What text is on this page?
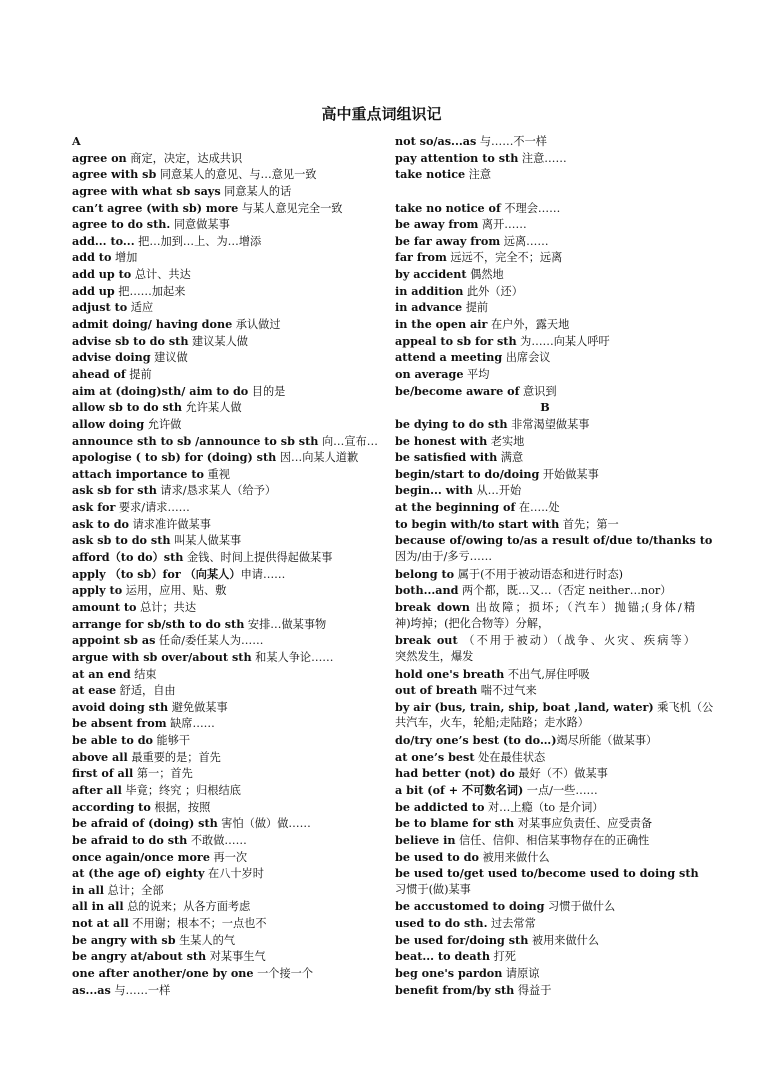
高中重点词组识记
A
agree on 商定，决定，达成共识
agree with sb 同意某人的意见、与…意见一致
agree with what sb says 同意某人的话
can’t agree (with sb) more 与某人意见完全一致
agree to do sth. 同意做某事
add... to... 把…加到…上、为…增添
add to 增加
add up to 总计、共达
add up 把……加起来
adjust to 适应
admit doing/ having done 承认做过
advise sb to do sth 建议某人做
advise doing 建议做
ahead of 提前
aim at (doing)sth/ aim to do 目的是
allow sb to do sth 允许某人做
allow doing 允许做
announce sth to sb /announce to sb sth 向…宣布…
apologise ( to sb) for (doing) sth 因…向某人道歉
attach importance to 重视
ask sb for sth 请求/恳求某人（给予）
ask for 要求/请求……
ask to do 请求准许做某事
ask sb to do sth 叫某人做某事
afford（to do）sth 金钱、时间上提供得起做某事
apply （to sb）for （向某人）申请……
apply to 运用，应用、贴、敷
amount to 总计；共达
arrange for sb/sth to do sth 安排…做某事物
appoint sb as 任命/委任某人为……
argue with sb over/about sth 和某人争论……
at an end 结束
at ease 舒适，自由
avoid doing sth 避免做某事
be absent from 缺席……
be able to do 能够干
above all 最重要的是；首先
first of all 第一；首先
after all 毕竟；终究 ；归根结底
according to 根据，按照
be afraid of (doing) sth 害怕（做）做……
be afraid to do sth 不敢做……
once again/once more 再一次
at (the age of) eighty 在八十岁时
in all 总计；全部
all in all 总的说来；从各方面考虑
not at all 不用谢；根本不；一点也不
be angry with sb 生某人的气
be angry at/about sth 对某事生气
one after another/one by one 一个接一个
as...as 与……一样
not so/as...as 与……不一样
pay attention to sth 注意……
take notice 注意
take no notice of 不理会……
be away from 离开……
be far away from 远离……
far from 远远不，完全不；远离
by accident 偶然地
in addition 此外（还）
in advance 提前
in the open air 在户外，露天地
appeal to sb for sth 为……向某人呼吁
attend a meeting 出席会议
on average 平均
be/become aware of 意识到
B
be dying to do sth 非常渴望做某事
be honest with 老实地
be satisfied with 满意
begin/start to do/doing 开始做某事
begin... with 从…开始
at the beginning of 在…..处
to begin with/to start with 首先；第一
because of/owing to/as a result of/due to/thanks to
因为/由于/多亏……
belong to 属于(不用于被动语态和进行时态)
both...and 两个都，既…又…（否定 neither…nor）
break down 出故障；损坏;（汽车）抛锚;(身体/精
神)垮掉；(把化合物等）分解，
break out （不用于被动）（战争、火灾、疾病等）
突然发生，爆发
hold one's breath 不出气,屏住呼吸
out of breath 喘不过气来
by air (bus, train, ship, boat ,land, water) 乘飞机（公
共汽车，火车，轮船;走陆路；走水路）
do/try one’s best (to do…)竭尽所能（做某事）
at one’s best 处在最佳状态
had better (not) do 最好（不）做某事
a bit (of + 不可数名词) 一点/一些……
be addicted to 对…上瘾（to 是介词）
be to blame for sth 对某事应负责任、应受责备
believe in 信任、信仰、相信某事物存在的正确性
be used to do 被用来做什么
be used to/get used to/become used to doing sth
习惯于(做)某事
be accustomed to doing 习惯于做什么
used to do sth. 过去常常
be used for/doing sth 被用来做什么
beat... to death 打死
beg one's pardon 请原谅
benefit from/by sth 得益于
